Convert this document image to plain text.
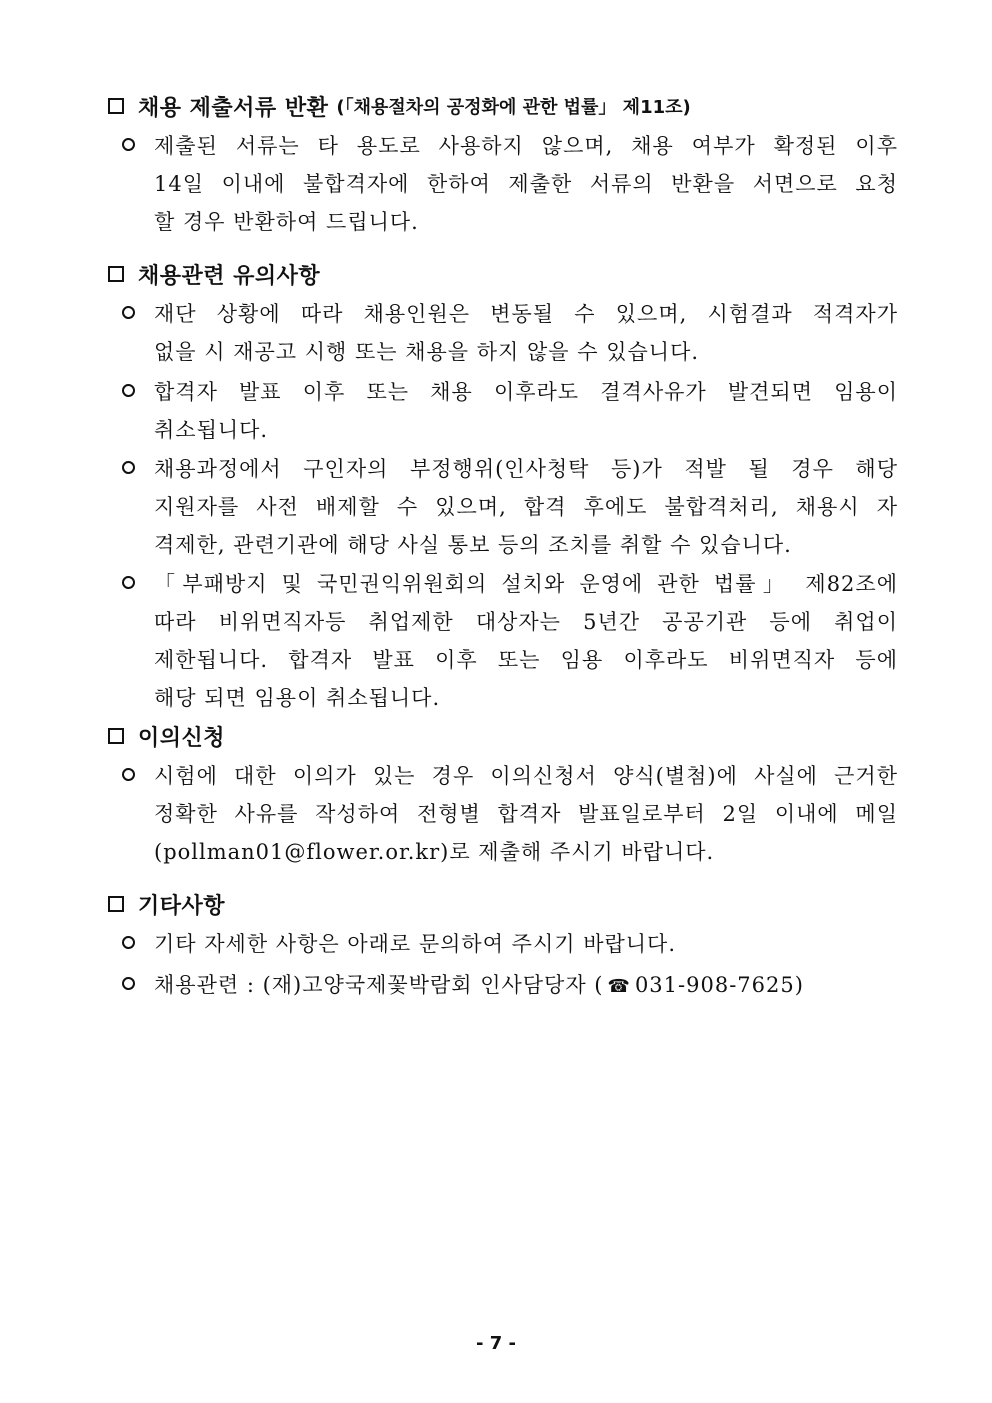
채용 제출서류 반환 (「채용절차의 공정화에 관한 법률」 제11조)
제출된 서류는 타 용도로 사용하지 않으며, 채용 여부가 확정된 이후
14일 이내에 불합격자에 한하여 제출한 서류의 반환을 서면으로 요청
할 경우 반환하여 드립니다.
채용관련 유의사항
재단 상황에 따라 채용인원은 변동될 수 있으며, 시험결과 적격자가
없을 시 재공고 시행 또는 채용을 하지 않을 수 있습니다.
합격자 발표 이후 또는 채용 이후라도 결격사유가 발견되면 임용이
취소됩니다.
채용과정에서 구인자의 부정행위(인사청탁 등)가 적발 될 경우 해당
지원자를 사전 배제할 수 있으며, 합격 후에도 불합격처리, 채용시 자
격제한, 관련기관에 해당 사실 통보 등의 조치를 취할 수 있습니다.
「부패방지 및 국민권익위원회의 설치와 운영에 관한 법률」 제82조에
따라 비위면직자등 취업제한 대상자는 5년간 공공기관 등에 취업이
제한됩니다. 합격자 발표 이후 또는 임용 이후라도 비위면직자 등에
해당 되면 임용이 취소됩니다.
이의신청
시험에 대한 이의가 있는 경우 이의신청서 양식(별첨)에 사실에 근거한
정확한 사유를 작성하여 전형별 합격자 발표일로부터 2일 이내에 메일
(pollman01@flower.or.kr)로 제출해 주시기 바랍니다.
기타사항
기타 자세한 사항은 아래로 문의하여 주시기 바랍니다.
채용관련 : (재)고양국제꽃박람회 인사담당자 ( ☎ 031-908-7625)
- 7 -
